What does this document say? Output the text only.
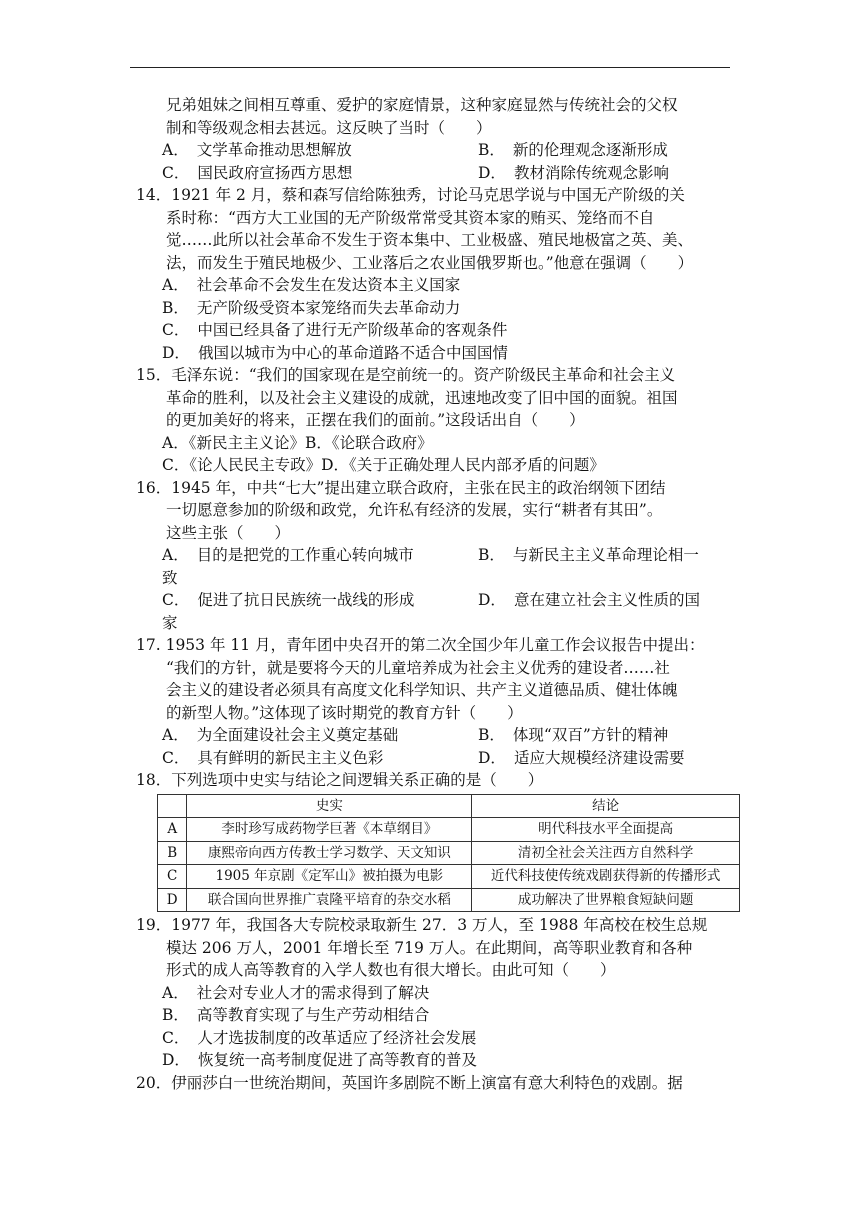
兄弟姐妹之间相互尊重、爱护的家庭情景，这种家庭显然与传统社会的父权
制和等级观念相去甚远。这反映了当时（　　）
A． 文学革命推动思想解放	B． 新的伦理观念逐渐形成
C． 国民政府宣扬西方思想	D． 教材消除传统观念影响
14．1921 年 2 月，蔡和森写信给陈独秀，讨论马克思学说与中国无产阶级的关
系时称：“西方大工业国的无产阶级常常受其资本家的贿买、笼络而不自
觉……此所以社会革命不发生于资本集中、工业极盛、殖民地极富之英、美、
法，而发生于殖民地极少、工业落后之农业国俄罗斯也。”他意在强调（　　）
A． 社会革命不会发生在发达资本主义国家
B． 无产阶级受资本家笼络而失去革命动力
C． 中国已经具备了进行无产阶级革命的客观条件
D． 俄国以城市为中心的革命道路不适合中国国情
15．毛泽东说：“我们的国家现在是空前统一的。资产阶级民主革命和社会主义
革命的胜利，以及社会主义建设的成就，迅速地改变了旧中国的面貌。祖国
的更加美好的将来，正摆在我们的面前。”这段话出自（　　）
A．《新民主主义论》B．《论联合政府》
C．《论人民民主专政》D．《关于正确处理人民内部矛盾的问题》
16．1945 年，中共“七大”提出建立联合政府，主张在民主的政治纲领下团结
一切愿意参加的阶级和政党，允许私有经济的发展，实行“耕者有其田”。
这些主张（　　）
A． 目的是把党的工作重心转向城市	B． 与新民主主义革命理论相一
致
C． 促进了抗日民族统一战线的形成	D． 意在建立社会主义性质的国
家
17. 1953 年 11 月，青年团中央召开的第二次全国少年儿童工作会议报告中提出：
“我们的方针，就是要将今天的儿童培养成为社会主义优秀的建设者……社
会主义的建设者必须具有高度文化科学知识、共产主义道德品质、健壮体魄
的新型人物。”这体现了该时期党的教育方针（　　）
A． 为全面建设社会主义奠定基础	B． 体现“双百”方针的精神
C． 具有鲜明的新民主主义色彩	D． 适应大规模经济建设需要
18．下列选项中史实与结论之间逻辑关系正确的是（　　）
	史实	结论
A	李时珍写成药物学巨著《本草纲目》	明代科技水平全面提高
B	康熙帝向西方传教士学习数学、天文知识	清初全社会关注西方自然科学
C	1905 年京剧《定军山》被拍摄为电影	近代科技使传统戏剧获得新的传播形式
D	联合国向世界推广袁隆平培育的杂交水稻	成功解决了世界粮食短缺问题
19．1977 年，我国各大专院校录取新生 27．3 万人，至 1988 年高校在校生总规
模达 206 万人，2001 年增长至 719 万人。在此期间，高等职业教育和各种
形式的成人高等教育的入学人数也有很大增长。由此可知（　　）
A． 社会对专业人才的需求得到了解决
B． 高等教育实现了与生产劳动相结合
C． 人才选拔制度的改革适应了经济社会发展
D． 恢复统一高考制度促进了高等教育的普及
20．伊丽莎白一世统治期间，英国许多剧院不断上演富有意大利特色的戏剧。据
